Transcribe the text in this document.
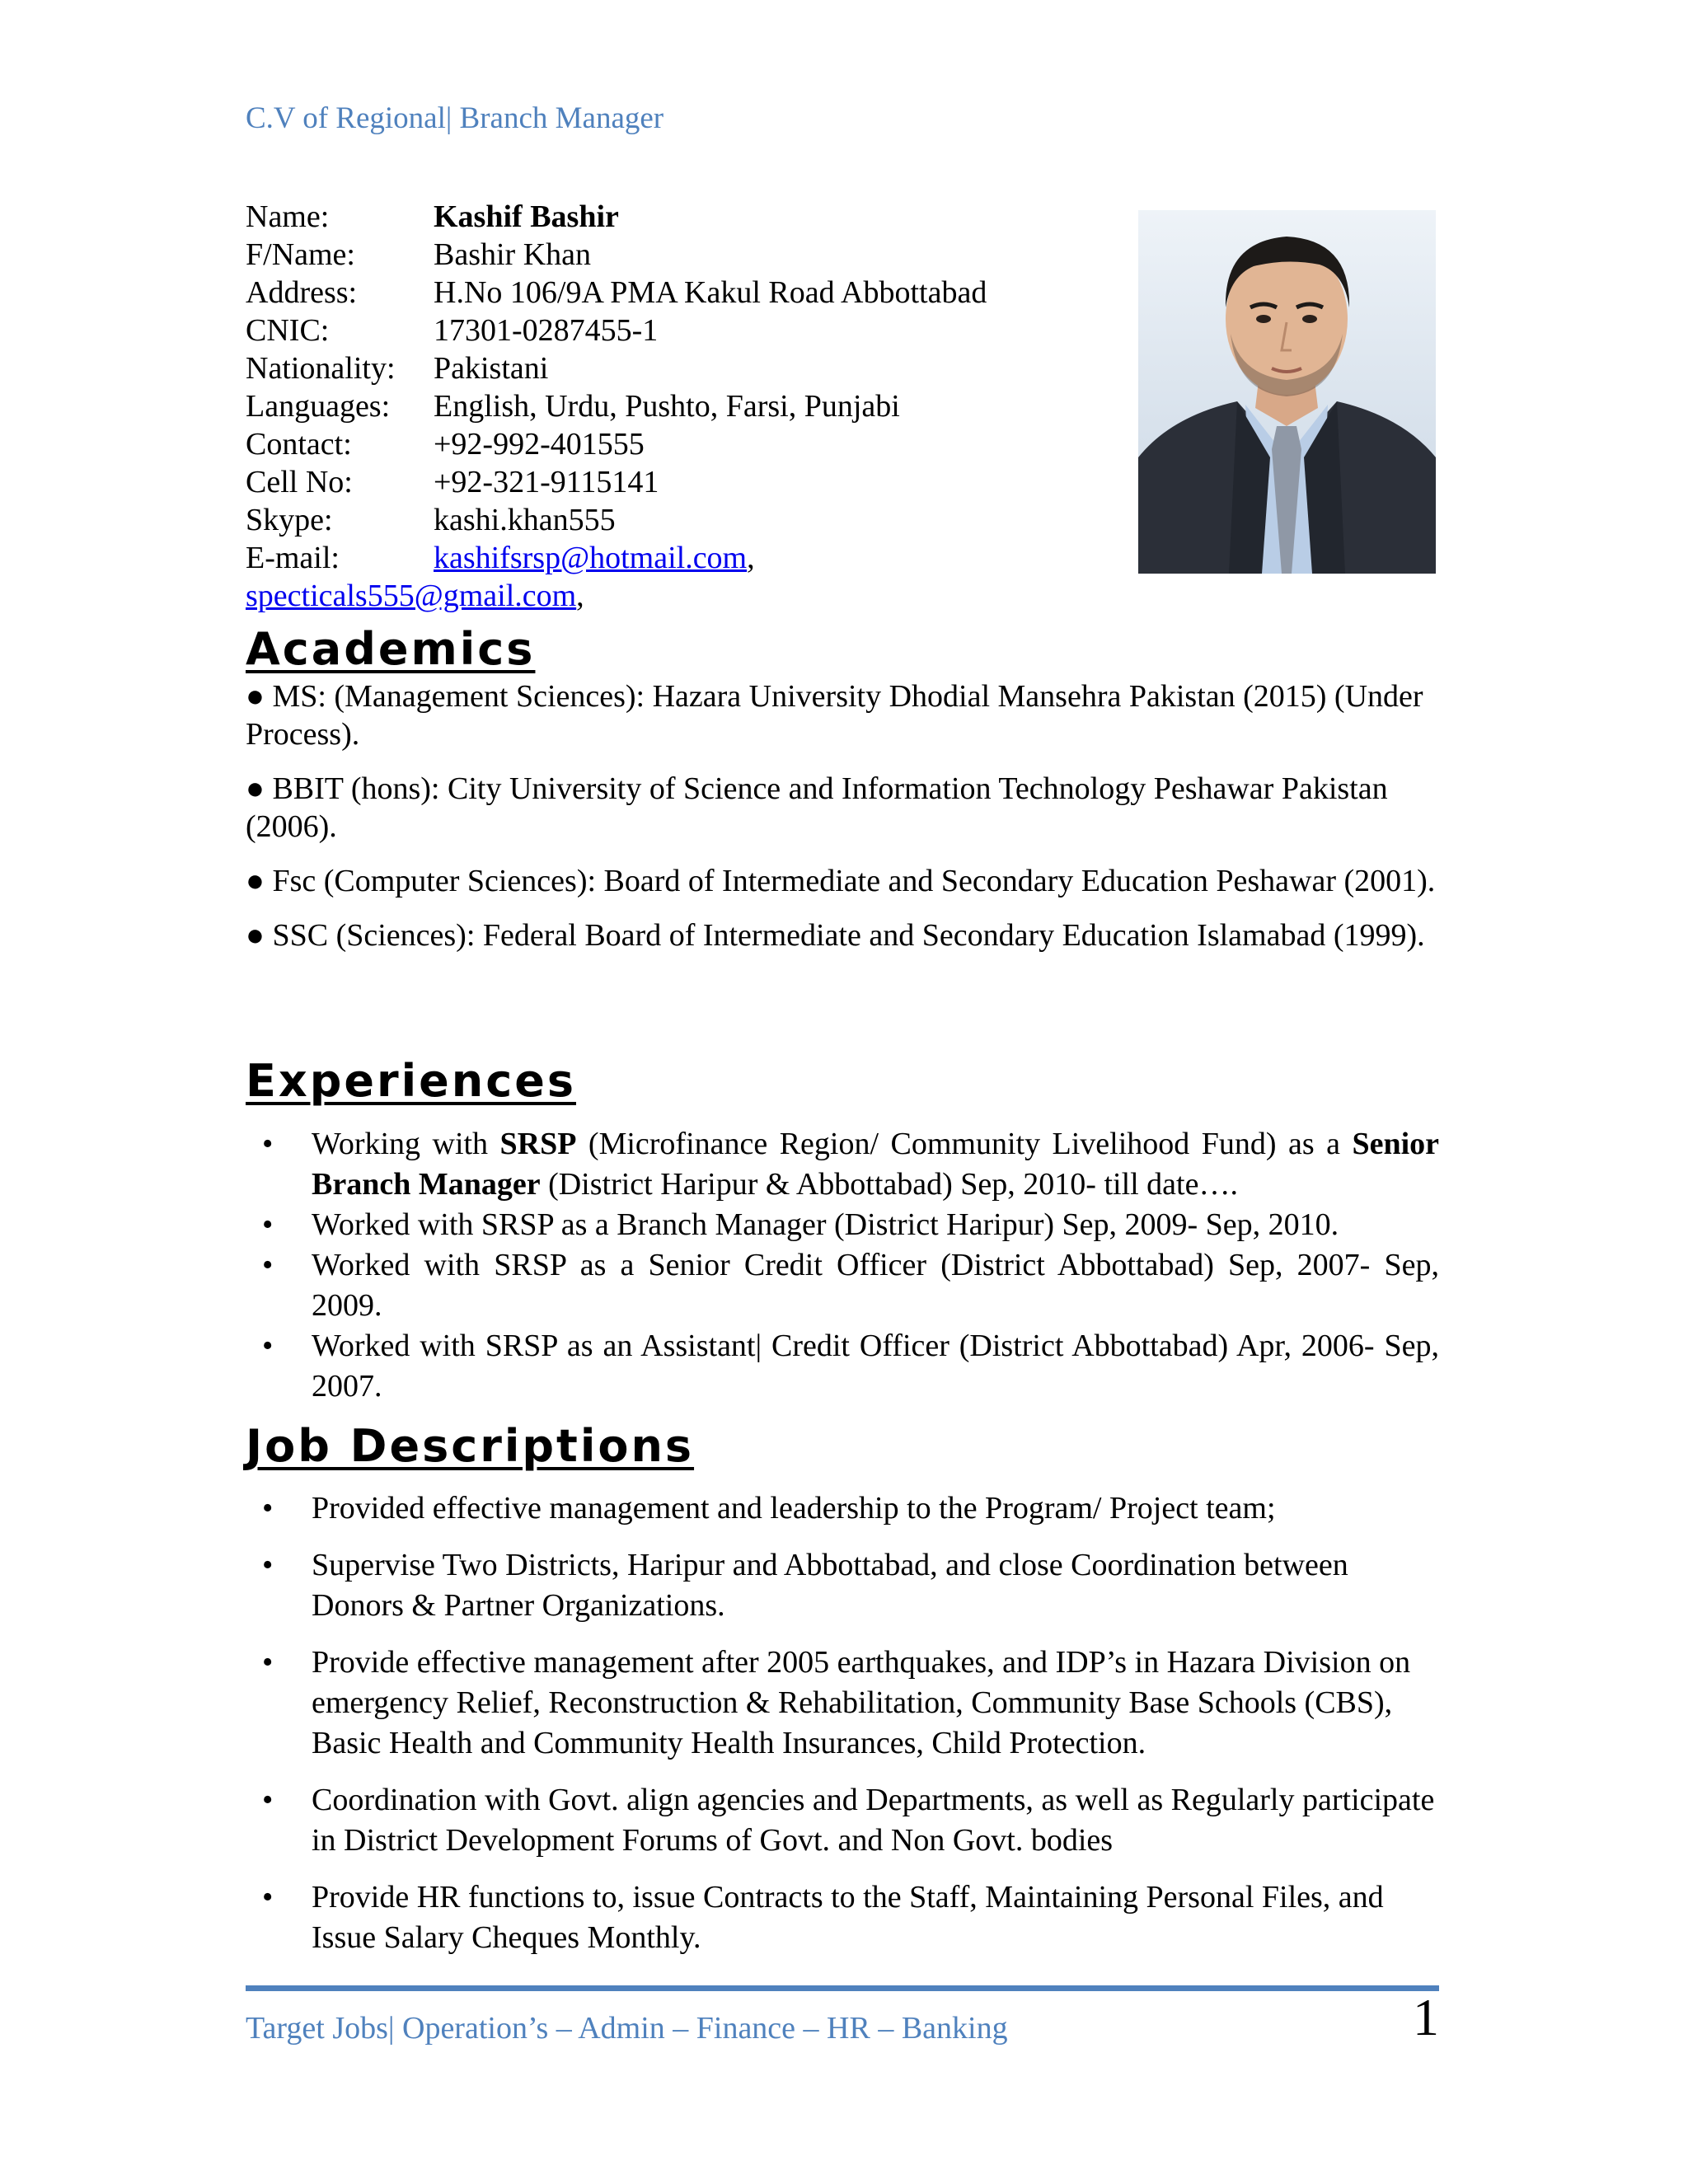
C.V of Regional| Branch Manager
Name:	Kashif Bashir
F/Name:	Bashir Khan
Address:	H.No 106/9A PMA Kakul Road Abbottabad
CNIC:	17301-0287455-1
Nationality:	Pakistani
Languages:	English, Urdu, Pushto, Farsi, Punjabi
Contact:	+92-992-401555
Cell No:	+92-321-9115141
Skype:	kashi.khan555
E-mail:	kashifsrsp@hotmail.com,
specticals555@gmail.com,
Academics
● MS: (Management Sciences): Hazara University Dhodial Mansehra Pakistan (2015) (Under Process).
● BBIT (hons): City University of Science and Information Technology Peshawar Pakistan (2006).
● Fsc (Computer Sciences): Board of Intermediate and Secondary Education Peshawar (2001).
● SSC (Sciences): Federal Board of Intermediate and Secondary Education Islamabad (1999).
Experiences
• Working with SRSP (Microfinance Region/ Community Livelihood Fund) as a Senior Branch Manager (District Haripur & Abbottabad) Sep, 2010- till date….
• Worked with SRSP as a Branch Manager (District Haripur) Sep, 2009- Sep, 2010.
• Worked with SRSP as a Senior Credit Officer (District Abbottabad) Sep, 2007- Sep, 2009.
• Worked with SRSP as an Assistant| Credit Officer (District Abbottabad) Apr, 2006- Sep, 2007.
Job Descriptions
• Provided effective management and leadership to the Program/ Project team;
• Supervise Two Districts, Haripur and Abbottabad, and close Coordination between Donors & Partner Organizations.
• Provide effective management after 2005 earthquakes, and IDP’s in Hazara Division on emergency Relief, Reconstruction & Rehabilitation, Community Base Schools (CBS), Basic Health and Community Health Insurances, Child Protection.
• Coordination with Govt. align agencies and Departments, as well as Regularly participate in District Development Forums of Govt. and Non Govt. bodies
• Provide HR functions to, issue Contracts to the Staff, Maintaining Personal Files, and Issue Salary Cheques Monthly.
Target Jobs| Operation’s – Admin – Finance – HR – Banking	1
